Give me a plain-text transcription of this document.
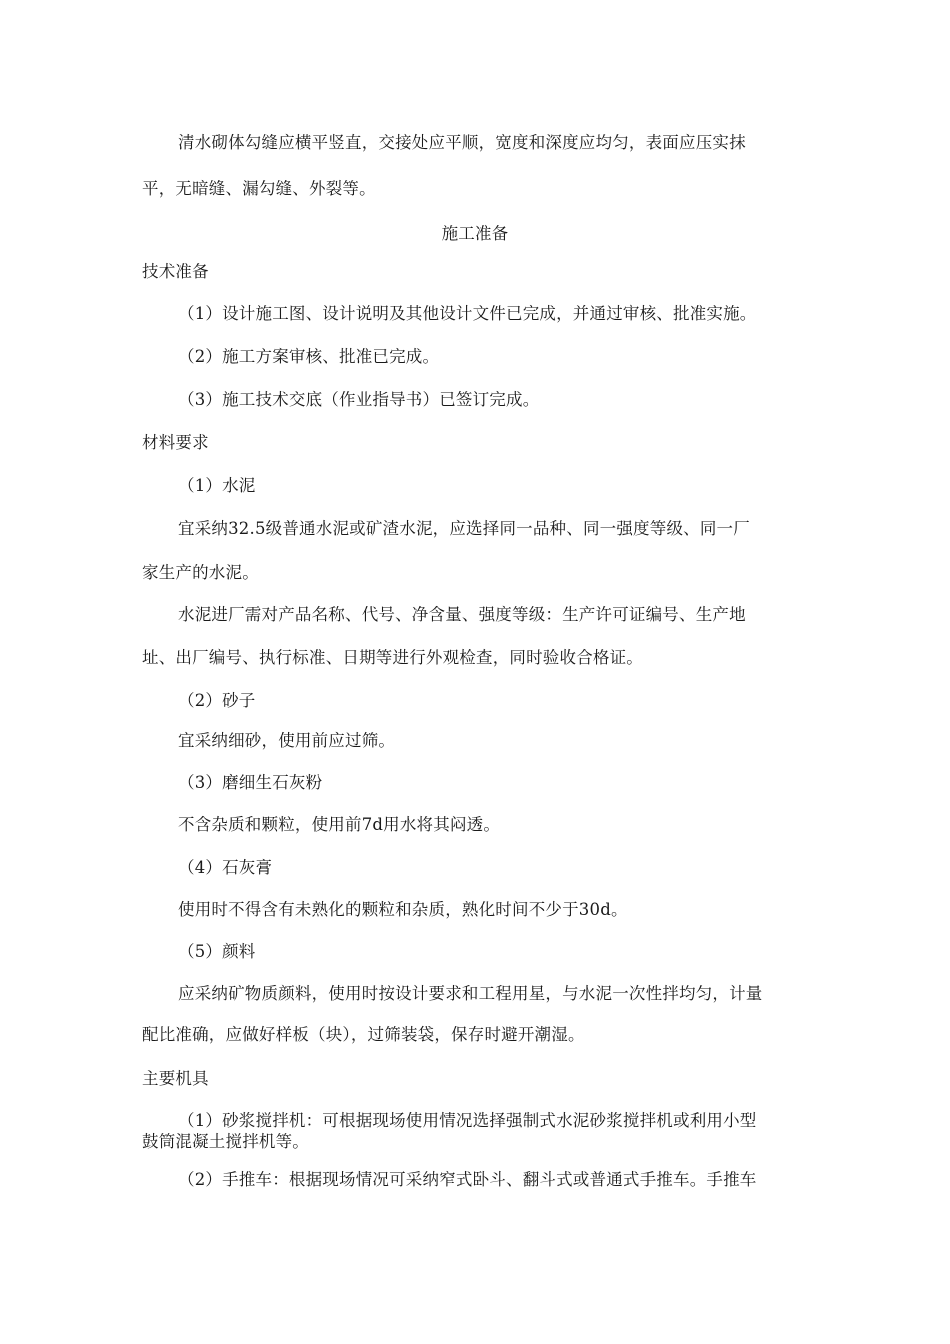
清水砌体勾缝应横平竖直，交接处应平顺，宽度和深度应均匀，表面应压实抹
平，无暗缝、漏勾缝、外裂等。
施工准备
技术准备
（1）设计施工图、设计说明及其他设计文件已完成，并通过审核、批准实施。
（2）施工方案审核、批准已完成。
（3）施工技术交底（作业指导书）已签订完成。
材料要求
（1）水泥
宜采纳32.5级普通水泥或矿渣水泥，应选择同一品种、同一强度等级、同一厂
家生产的水泥。
水泥进厂需对产品名称、代号、净含量、强度等级：生产许可证编号、生产地
址、出厂编号、执行标准、日期等进行外观检查，同时验收合格证。
（2）砂子
宜采纳细砂，使用前应过筛。
（3）磨细生石灰粉
不含杂质和颗粒，使用前7d用水将其闷透。
（4）石灰膏
使用时不得含有未熟化的颗粒和杂质，熟化时间不少于30d。
（5）颜料
应采纳矿物质颜料，使用时按设计要求和工程用星，与水泥一次性拌均匀，计量
配比准确，应做好样板（块），过筛装袋，保存时避开潮湿。
主要机具
（1）砂浆搅拌机：可根据现场使用情况选择强制式水泥砂浆搅拌机或利用小型
鼓筒混凝土搅拌机等。
（2）手推车：根据现场情况可采纳窄式卧斗、翻斗式或普通式手推车。手推车
